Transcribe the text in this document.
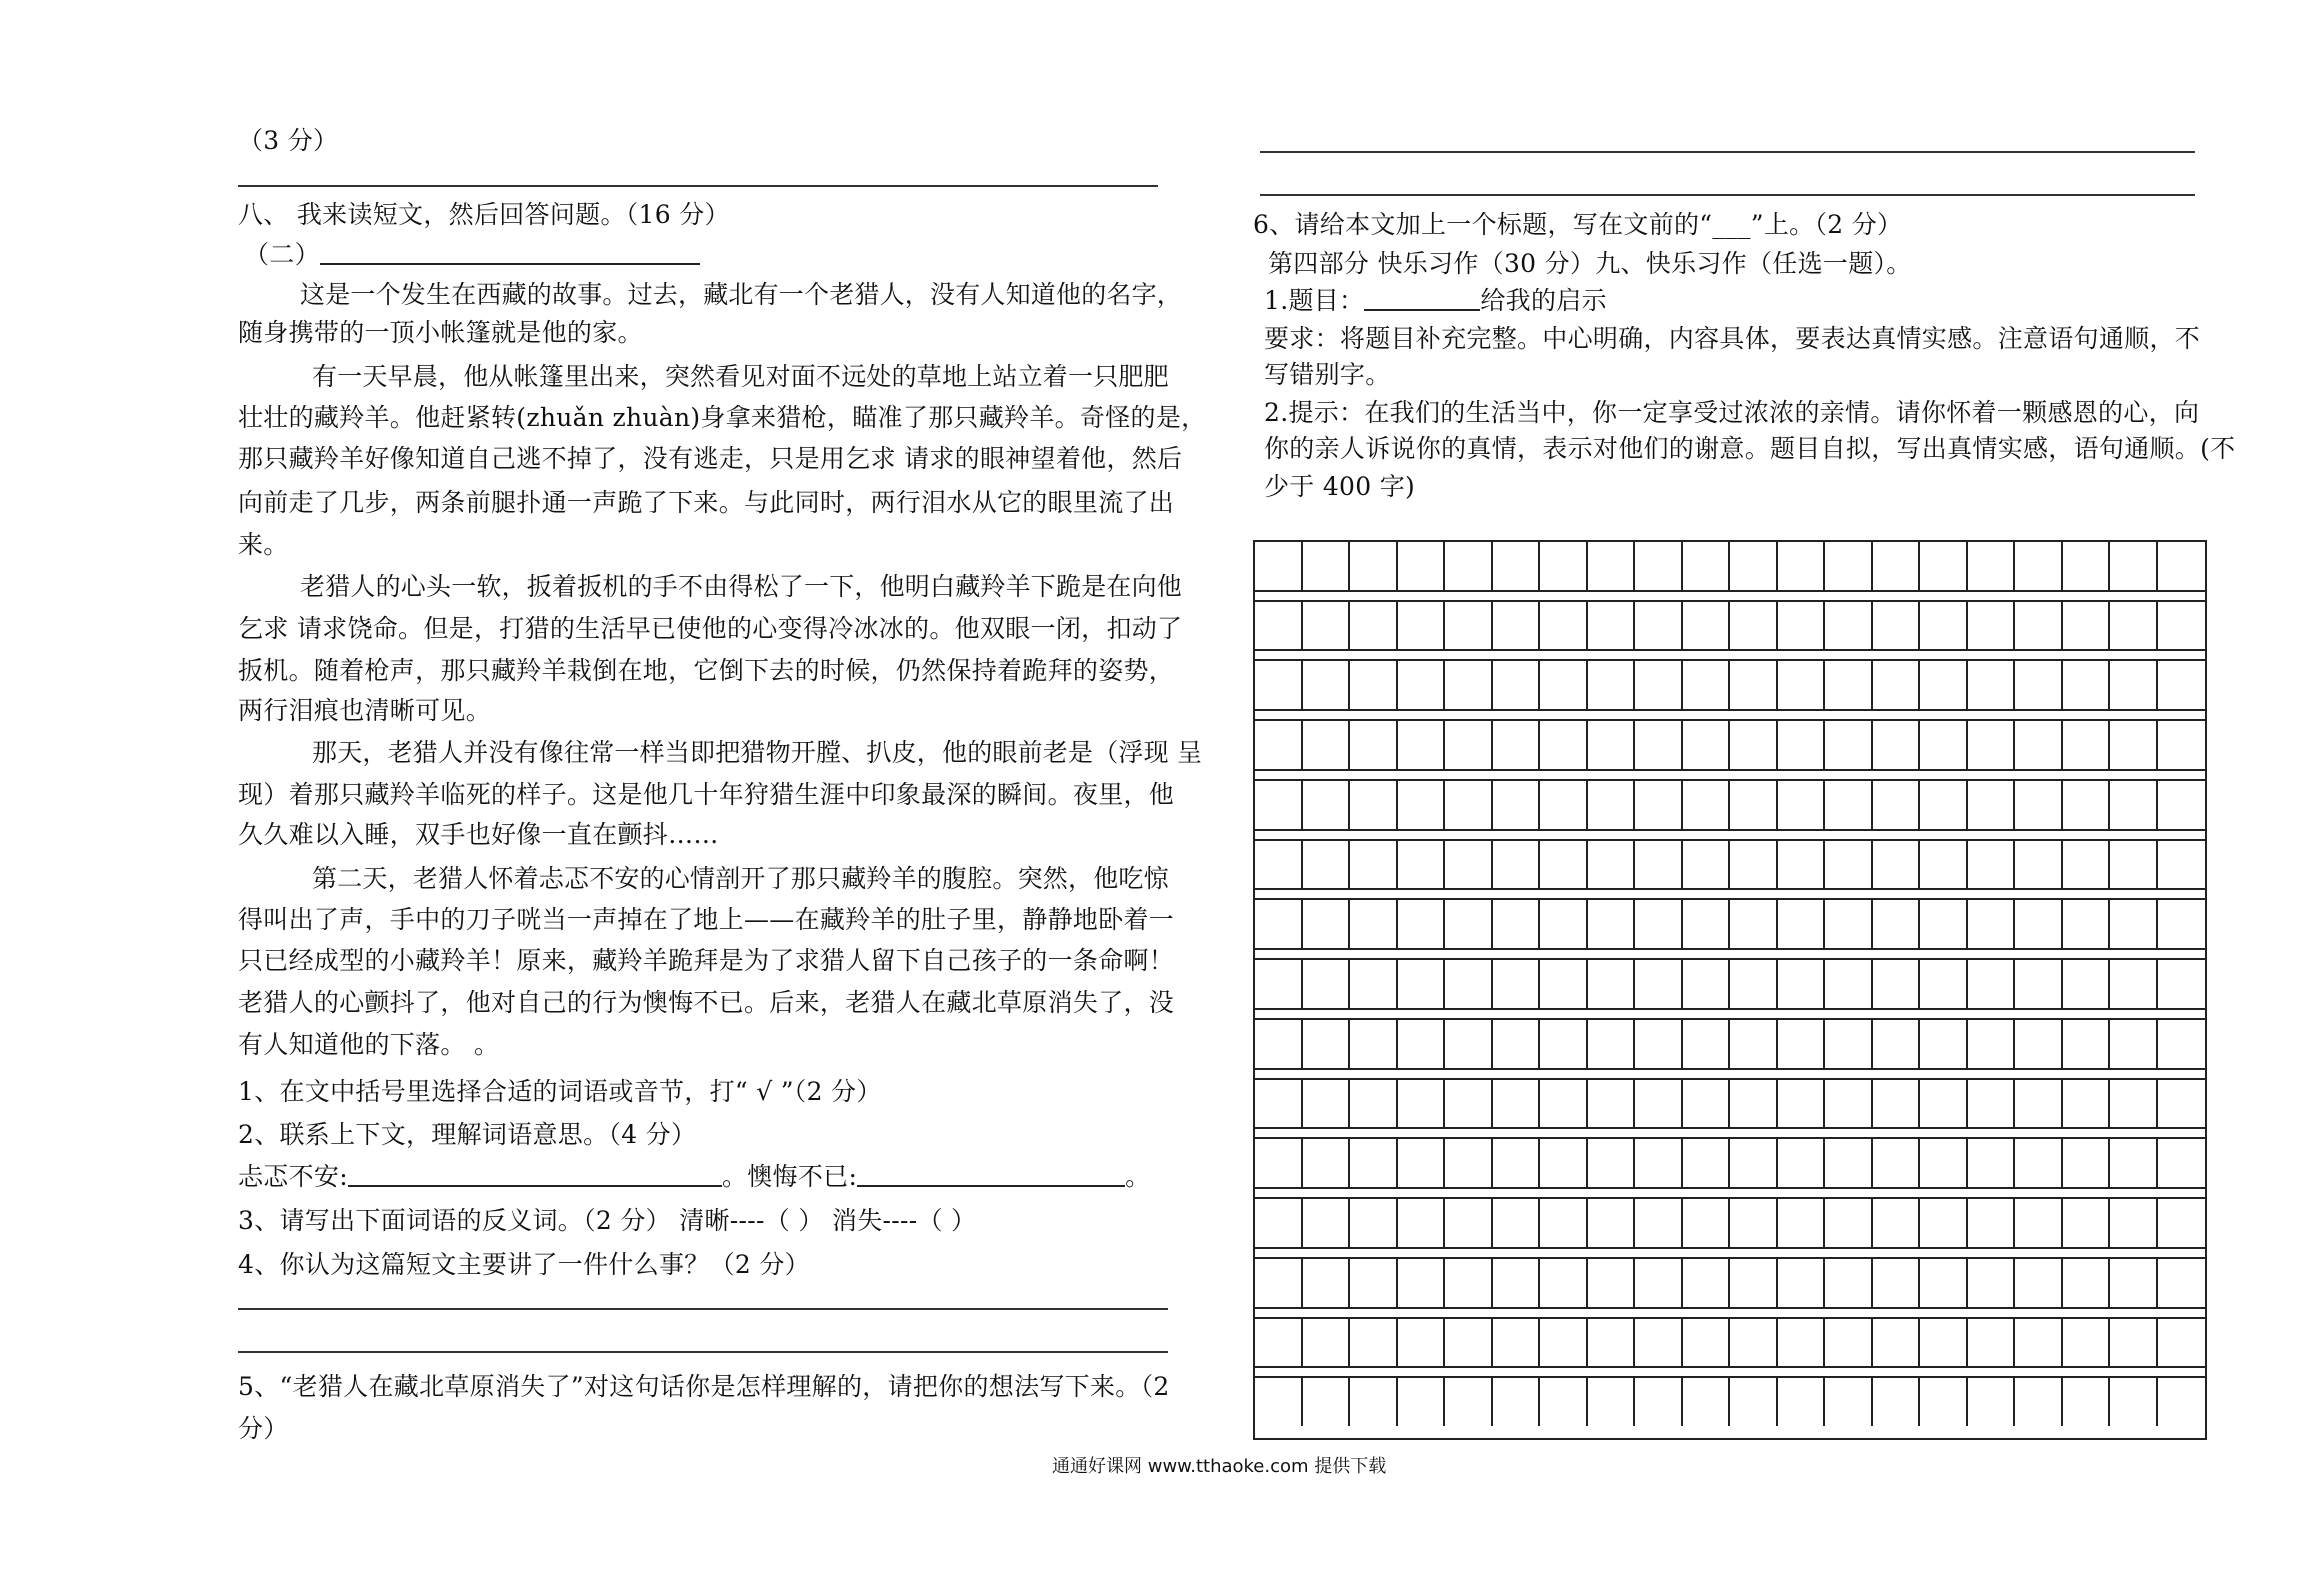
（3 分）
八、 我来读短文，然后回答问题。（16 分）
（二）
这是一个发生在西藏的故事。过去，藏北有一个老猎人，没有人知道他的名字，
随身携带的一顶小帐篷就是他的家。
有一天早晨，他从帐篷里出来，突然看见对面不远处的草地上站立着一只肥肥
壮壮的藏羚羊。他赶紧转(zhuǎn zhuàn)身拿来猎枪，瞄准了那只藏羚羊。奇怪的是，
那只藏羚羊好像知道自己逃不掉了，没有逃走，只是用乞求 请求的眼神望着他，然后
向前走了几步，两条前腿扑通一声跪了下来。与此同时，两行泪水从它的眼里流了出
来。
老猎人的心头一软，扳着扳机的手不由得松了一下，他明白藏羚羊下跪是在向他
乞求 请求饶命。但是，打猎的生活早已使他的心变得冷冰冰的。他双眼一闭，扣动了
扳机。随着枪声，那只藏羚羊栽倒在地，它倒下去的时候，仍然保持着跪拜的姿势，
两行泪痕也清晰可见。
那天，老猎人并没有像往常一样当即把猎物开膛、扒皮，他的眼前老是（浮现 呈
现）着那只藏羚羊临死的样子。这是他几十年狩猎生涯中印象最深的瞬间。夜里，他
久久难以入睡，双手也好像一直在颤抖……
第二天，老猎人怀着忐忑不安的心情剖开了那只藏羚羊的腹腔。突然，他吃惊
得叫出了声，手中的刀子咣当一声掉在了地上——在藏羚羊的肚子里，静静地卧着一
只已经成型的小藏羚羊！原来，藏羚羊跪拜是为了求猎人留下自己孩子的一条命啊！
老猎人的心颤抖了，他对自己的行为懊悔不已。后来，老猎人在藏北草原消失了，没
有人知道他的下落。 。
1、在文中括号里选择合适的词语或音节，打“ √ ”（2 分）
2、联系上下文，理解词语意思。（4 分）
忐忑不安:	。懊悔不已:	。
3、请写出下面词语的反义词。（2 分） 清晰----（ ） 消失----（ ）
4、你认为这篇短文主要讲了一件什么事？（2 分）
5、“老猎人在藏北草原消失了”对这句话你是怎样理解的，请把你的想法写下来。（2
分）
6、请给本文加上一个标题，写在文前的“___”上。（2 分）
第四部分 快乐习作（30 分）九、快乐习作（任选一题）。
1.题目：	给我的启示
要求：将题目补充完整。中心明确，内容具体，要表达真情实感。注意语句通顺，不
写错别字。
2.提示：在我们的生活当中，你一定享受过浓浓的亲情。请你怀着一颗感恩的心，向
你的亲人诉说你的真情，表示对他们的谢意。题目自拟，写出真情实感，语句通顺。(不
少于 400 字)
通通好课网 www.tthaoke.com 提供下载
